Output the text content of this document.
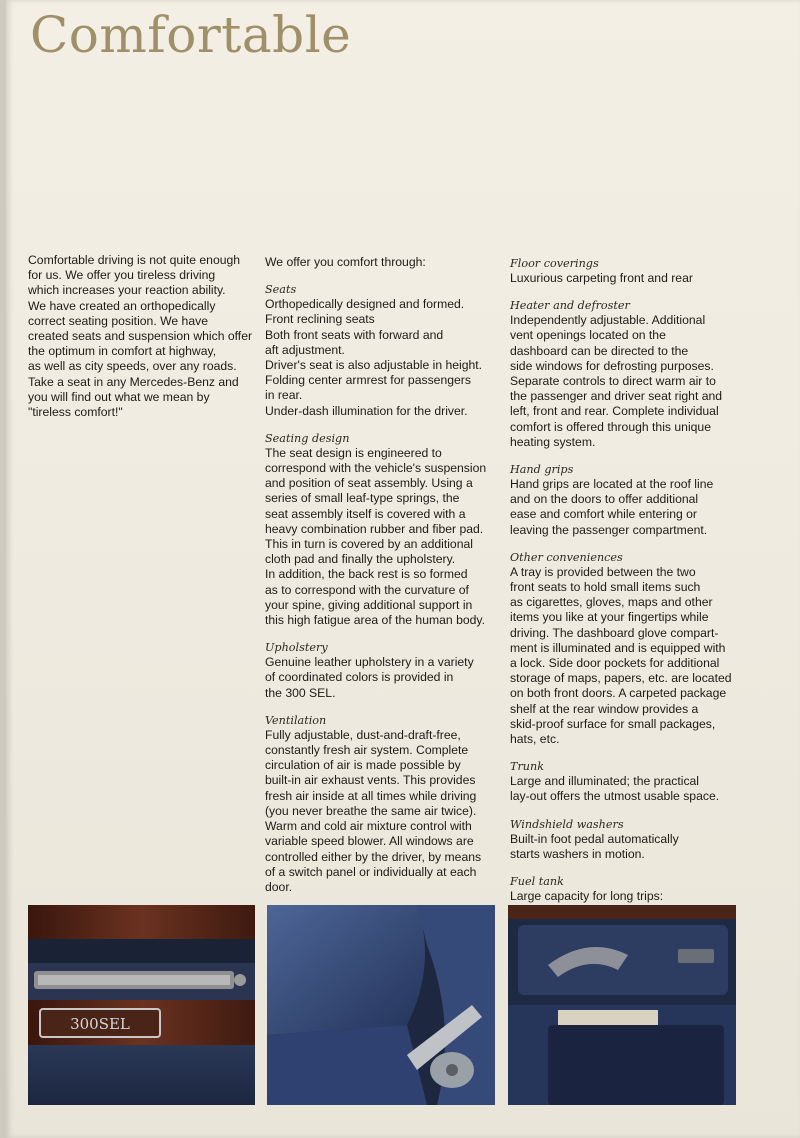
Comfortable

Comfortable driving is not quite enough
for us. We offer you tireless driving
which increases your reaction ability.
We have created an orthopedically
correct seating position. We have
created seats and suspension which offer
the optimum in comfort at highway,
as well as city speeds, over any roads.
Take a seat in any Mercedes-Benz and
you will find out what we mean by
"tireless comfort!"

We offer you comfort through:

Seats
Orthopedically designed and formed.
Front reclining seats
Both front seats with forward and
aft adjustment.
Driver's seat is also adjustable in height.
Folding center armrest for passengers
in rear.
Under-dash illumination for the driver.
Seating design
The seat design is engineered to
correspond with the vehicle's suspension
and position of seat assembly. Using a
series of small leaf-type springs, the
seat assembly itself is covered with a
heavy combination rubber and fiber pad.
This in turn is covered by an additional
cloth pad and finally the upholstery.
In addition, the back rest is so formed
as to correspond with the curvature of
your spine, giving additional support in
this high fatigue area of the human body.
Upholstery
Genuine leather upholstery in a variety
of coordinated colors is provided in
the 300 SEL.
Ventilation
Fully adjustable, dust-and-draft-free,
constantly fresh air system. Complete
circulation of air is made possible by
built-in air exhaust vents. This provides
fresh air inside at all times while driving
(you never breathe the same air twice).
Warm and cold air mixture control with
variable speed blower. All windows are
controlled either by the driver, by means
of a switch panel or individually at each
door.
Floor coverings
Luxurious carpeting front and rear
Heater and defroster
Independently adjustable. Additional
vent openings located on the
dashboard can be directed to the
side windows for defrosting purposes.
Separate controls to direct warm air to
the passenger and driver seat right and
left, front and rear. Complete individual
comfort is offered through this unique
heating system.
Hand grips
Hand grips are located at the roof line
and on the doors to offer additional
ease and comfort while entering or
leaving the passenger compartment.
Other conveniences
A tray is provided between the two
front seats to hold small items such
as cigarettes, gloves, maps and other
items you like at your fingertips while
driving. The dashboard glove compart-
ment is illuminated and is equipped with
a lock. Side door pockets for additional
storage of maps, papers, etc. are located
on both front doors. A carpeted package
shelf at the rear window provides a
skid-proof surface for small packages,
hats, etc.
Trunk
Large and illuminated; the practical
lay-out offers the utmost usable space.
Windshield washers
Built-in foot pedal automatically
starts washers in motion.
Fuel tank
Large capacity for long trips:

300SEL
